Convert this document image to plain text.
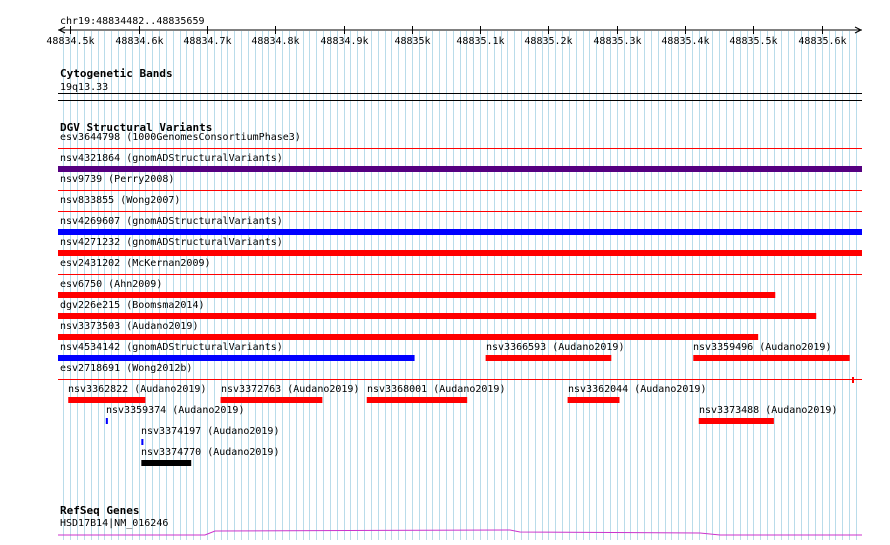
chr19:48834482..48835659
48834.5k 48834.6k 48834.7k 48834.8k 48834.9k	48835k	48835.1k 48835.2k 48835.3k 48835.4k 48835.5k 48835.6k
Cytogenetic Bands
19q13.33
DGV Structural Variants
esv3644798 (1000GenomesConsortiumPhase3)
nsv4321864 (gnomADStructuralVariants)
nsv9739 (Perry2008)
nsv833855 (Wong2007)
nsv4269607 (gnomADStructuralVariants)
nsv4271232 (gnomADStructuralVariants)
esv2431202 (McKernan2009)
esv6750 (Ahn2009)
dgv226e215 (Boomsma2014)
nsv3373503 (Audano2019)
nsv4534142 (gnomADStructuralVariants)	nsv3366593 (Audano2019)	nsv3359496 (Audano2019)
esv2718691 (Wong2012b)
nsv3362822 (Audano2019) nsv3372763 (Audano2019) nsv3368001 (Audano2019)	nsv3362044 (Audano2019)
nsv3359374 (Audano2019)	nsv3373488 (Audano2019)
nsv3374197 (Audano2019)
nsv3374770 (Audano2019)
RefSeq Genes
HSD17B14|NM_016246
